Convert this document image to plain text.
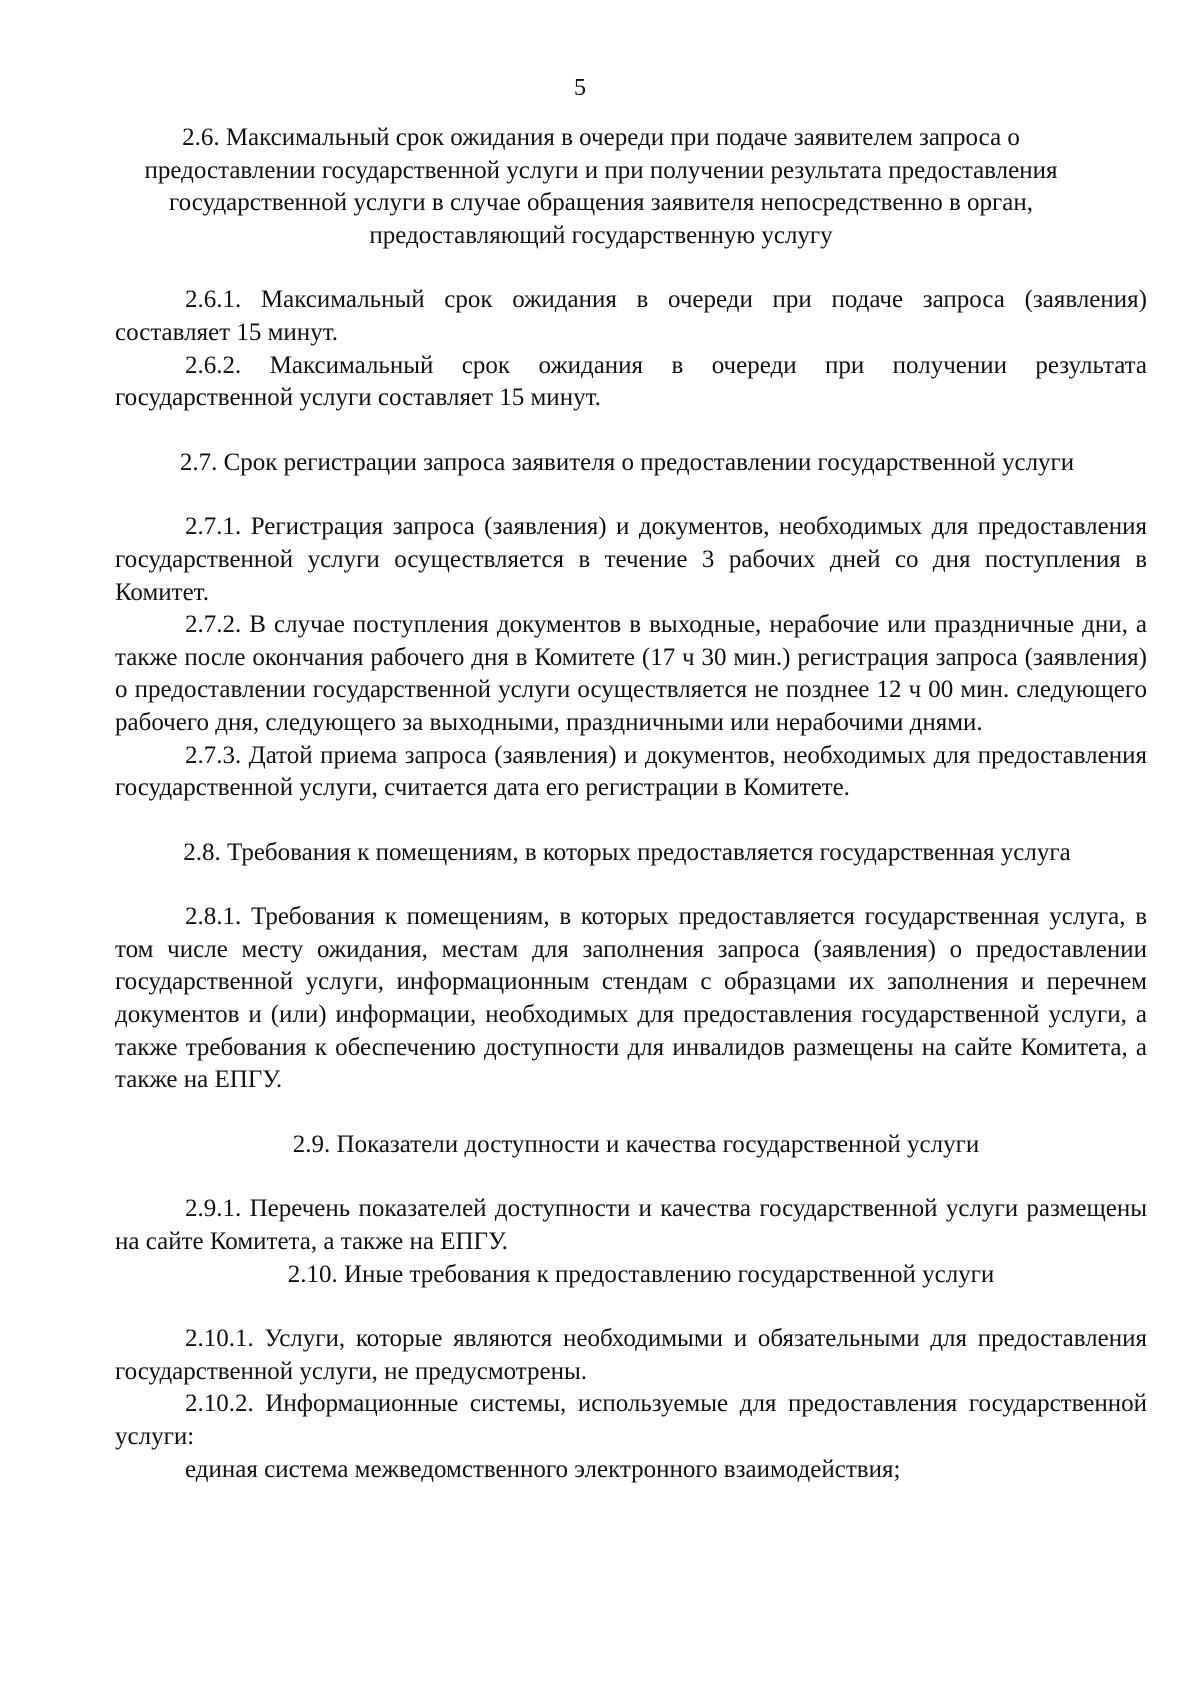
5
2.6. Максимальный срок ожидания в очереди при подаче заявителем запроса о предоставлении государственной услуги и при получении результата предоставления государственной услуги в случае обращения заявителя непосредственно в орган, предоставляющий государственную услугу
2.6.1. Максимальный срок ожидания в очереди при подаче запроса (заявления) составляет 15 минут.
2.6.2. Максимальный срок ожидания в очереди при получении результата государственной услуги составляет 15 минут.
2.7. Срок регистрации запроса заявителя о предоставлении государственной услуги
2.7.1. Регистрация запроса (заявления) и документов, необходимых для предоставления государственной услуги осуществляется в течение 3 рабочих дней со дня поступления в Комитет.
2.7.2. В случае поступления документов в выходные, нерабочие или праздничные дни, а также после окончания рабочего дня в Комитете (17 ч 30 мин.) регистрация запроса (заявления) о предоставлении государственной услуги осуществляется не позднее 12 ч 00 мин. следующего рабочего дня, следующего за выходными, праздничными или нерабочими днями.
2.7.3. Датой приема запроса (заявления) и документов, необходимых для предоставления государственной услуги, считается дата его регистрации в Комитете.
2.8. Требования к помещениям, в которых предоставляется государственная услуга
2.8.1. Требования к помещениям, в которых предоставляется государственная услуга, в том числе месту ожидания, местам для заполнения запроса (заявления) о предоставлении государственной услуги, информационным стендам с образцами их заполнения и перечнем документов и (или) информации, необходимых для предоставления государственной услуги, а также требования к обеспечению доступности для инвалидов размещены на сайте Комитета, а также на ЕПГУ.
2.9. Показатели доступности и качества государственной услуги
2.9.1. Перечень показателей доступности и качества государственной услуги размещены на сайте Комитета, а также на ЕПГУ.
2.10. Иные требования к предоставлению государственной услуги
2.10.1. Услуги, которые являются необходимыми и обязательными для предоставления государственной услуги, не предусмотрены.
2.10.2. Информационные системы, используемые для предоставления государственной услуги:
единая система межведомственного электронного взаимодействия;
